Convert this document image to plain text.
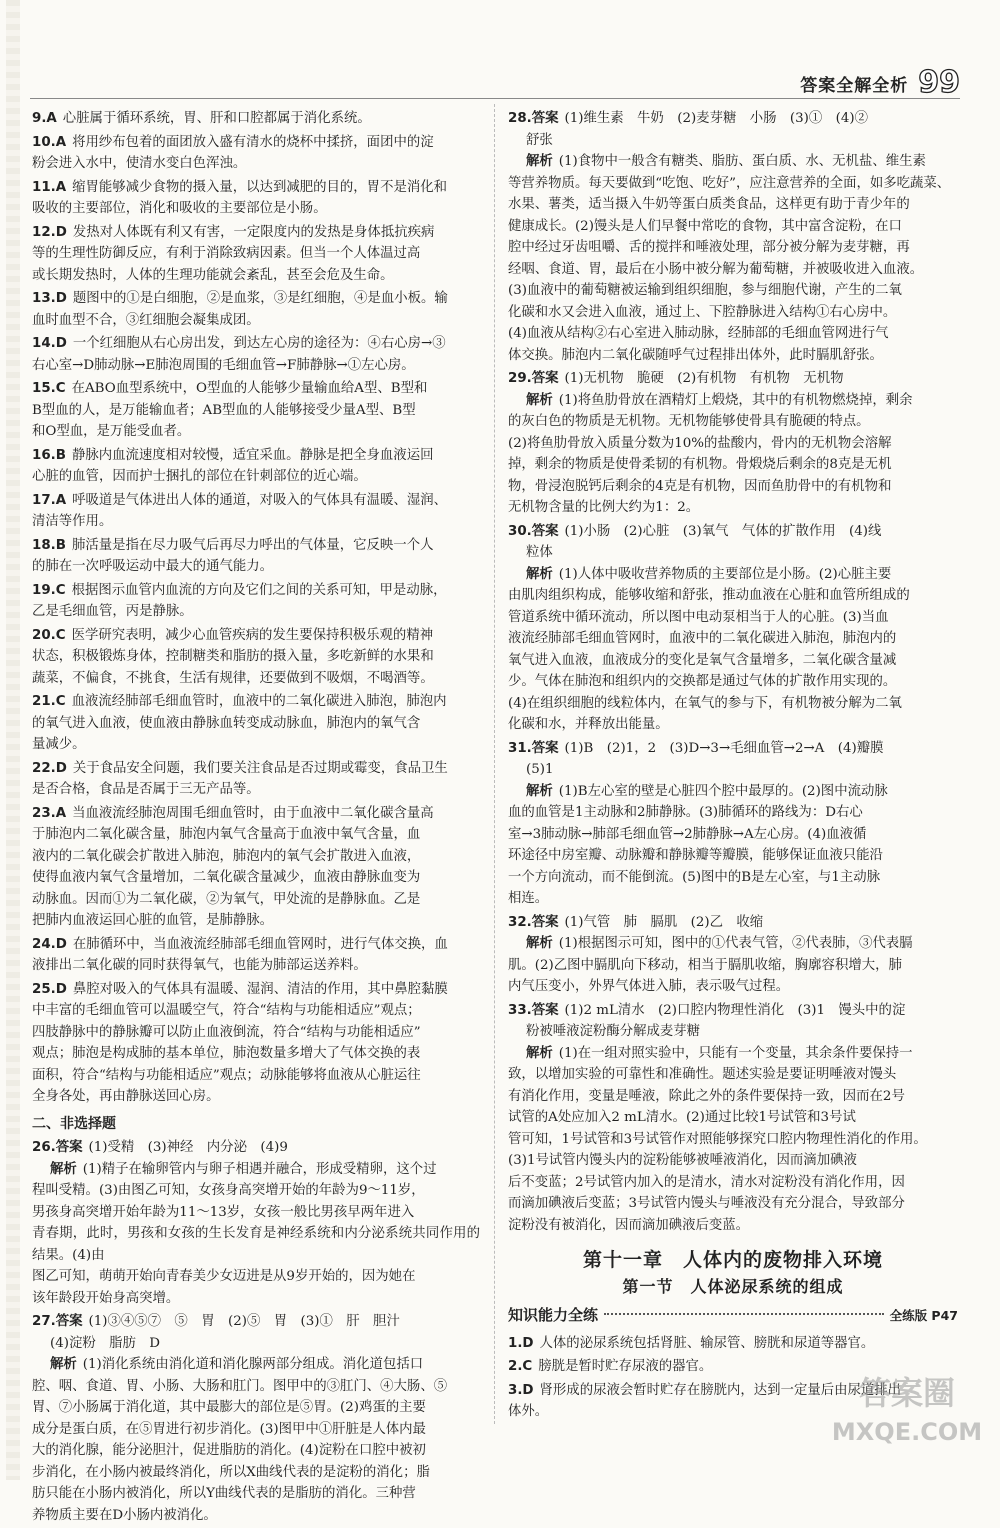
答案全解全析 99
9.A 心脏属于循环系统，胃、肝和口腔都属于消化系统。
10.A 将用纱布包着的面团放入盛有清水的烧杯中揉挤，面团中的淀
粉会进入水中，使清水变白色浑浊。
11.A 缩胃能够减少食物的摄入量，以达到减肥的目的，胃不是消化和
吸收的主要部位，消化和吸收的主要部位是小肠。
12.D 发热对人体既有利又有害，一定限度内的发热是身体抵抗疾病
等的生理性防御反应，有利于消除致病因素。但当一个人体温过高
或长期发热时，人体的生理功能就会紊乱，甚至会危及生命。
13.D 题图中的①是白细胞，②是血浆，③是红细胞，④是血小板。输
血时血型不合，③红细胞会凝集成团。
14.D 一个红细胞从右心房出发，到达左心房的途径为：④右心房→③
右心室→D肺动脉→E肺泡周围的毛细血管→F肺静脉→①左心房。
15.C 在ABO血型系统中，O型血的人能够少量输血给A型、B型和
B型血的人，是万能输血者；AB型血的人能够接受少量A型、B型
和O型血，是万能受血者。
16.B 静脉内血流速度相对较慢，适宜采血。静脉是把全身血液运回
心脏的血管，因而护士捆扎的部位在针刺部位的近心端。
17.A 呼吸道是气体进出人体的通道，对吸入的气体具有温暖、湿润、
清洁等作用。
18.B 肺活量是指在尽力吸气后再尽力呼出的气体量，它反映一个人
的肺在一次呼吸运动中最大的通气能力。
19.C 根据图示血管内血流的方向及它们之间的关系可知，甲是动脉，
乙是毛细血管，丙是静脉。
20.C 医学研究表明，减少心血管疾病的发生要保持积极乐观的精神
状态，积极锻炼身体，控制糖类和脂肪的摄入量，多吃新鲜的水果和
蔬菜，不偏食，不挑食，生活有规律，还要做到不吸烟，不喝酒等。
21.C 血液流经肺部毛细血管时，血液中的二氧化碳进入肺泡，肺泡内
的氧气进入血液，使血液由静脉血转变成动脉血，肺泡内的氧气含
量减少。
22.D 关于食品安全问题，我们要关注食品是否过期或霉变，食品卫生
是否合格，食品是否属于三无产品等。
23.A 当血液流经肺泡周围毛细血管时，由于血液中二氧化碳含量高
于肺泡内二氧化碳含量，肺泡内氧气含量高于血液中氧气含量，血
液内的二氧化碳会扩散进入肺泡，肺泡内的氧气会扩散进入血液，
使得血液内氧气含量增加，二氧化碳含量减少，血液由静脉血变为
动脉血。因而①为二氧化碳，②为氧气，甲处流的是静脉血。乙是
把肺内血液运回心脏的血管，是肺静脉。
24.D 在肺循环中，当血液流经肺部毛细血管网时，进行气体交换，血
液排出二氧化碳的同时获得氧气，也能为肺部运送养料。
25.D 鼻腔对吸入的气体具有温暖、湿润、清洁的作用，其中鼻腔黏膜
中丰富的毛细血管可以温暖空气，符合“结构与功能相适应”观点；
四肢静脉中的静脉瓣可以防止血液倒流，符合“结构与功能相适应”
观点；肺泡是构成肺的基本单位，肺泡数量多增大了气体交换的表
面积，符合“结构与功能相适应”观点；动脉能够将血液从心脏运往
全身各处，再由静脉送回心房。
二、非选择题
26.答案 (1)受精　(3)神经　内分泌　(4)9
解析 (1)精子在输卵管内与卵子相遇并融合，形成受精卵，这个过
程叫受精。(3)由图乙可知，女孩身高突增开始的年龄为9～11岁，
男孩身高突增开始年龄为11～13岁，女孩一般比男孩早两年进入
青春期，此时，男孩和女孩的生长发育是神经系统和内分泌系统共同作用的结果。(4)由
图乙可知，萌萌开始向青春美少女迈进是从9岁开始的，因为她在
该年龄段开始身高突增。
27.答案 (1)③④⑤⑦　⑤　胃　(2)⑤　胃　(3)①　肝　胆汁
(4)淀粉　脂肪　D
解析 (1)消化系统由消化道和消化腺两部分组成。消化道包括口
腔、咽、食道、胃、小肠、大肠和肛门。图甲中的③肛门、④大肠、⑤
胃、⑦小肠属于消化道，其中最膨大的部位是⑤胃。(2)鸡蛋的主要
成分是蛋白质，在⑤胃进行初步消化。(3)图甲中①肝脏是人体内最
大的消化腺，能分泌胆汁，促进脂肪的消化。(4)淀粉在口腔中被初
步消化，在小肠内被最终消化，所以X曲线代表的是淀粉的消化；脂
肪只能在小肠内被消化，所以Y曲线代表的是脂肪的消化。三种营
养物质主要在D小肠内被消化。
28.答案 (1)维生素　牛奶　(2)麦芽糖　小肠　(3)①　(4)②
舒张
解析 (1)食物中一般含有糖类、脂肪、蛋白质、水、无机盐、维生素
等营养物质。每天要做到“吃饱、吃好”，应注意营养的全面，如多吃蔬菜、
水果、薯类，适当摄入牛奶等蛋白质类食品，这样更有助于青少年的
健康成长。(2)馒头是人们早餐中常吃的食物，其中富含淀粉，在口
腔中经过牙齿咀嚼、舌的搅拌和唾液处理，部分被分解为麦芽糖，再
经咽、食道、胃，最后在小肠中被分解为葡萄糖，并被吸收进入血液。
(3)血液中的葡萄糖被运输到组织细胞，参与细胞代谢，产生的二氧
化碳和水又会进入血液，通过上、下腔静脉进入结构①右心房中。
(4)血液从结构②右心室进入肺动脉，经肺部的毛细血管网进行气
体交换。肺泡内二氧化碳随呼气过程排出体外，此时膈肌舒张。
29.答案 (1)无机物　脆硬　(2)有机物　有机物　无机物
解析 (1)将鱼肋骨放在酒精灯上煅烧，其中的有机物燃烧掉，剩余
的灰白色的物质是无机物。无机物能够使骨具有脆硬的特点。
(2)将鱼肋骨放入质量分数为10%的盐酸内，骨内的无机物会溶解
掉，剩余的物质是使骨柔韧的有机物。骨煅烧后剩余的8克是无机
物，骨浸泡脱钙后剩余的4克是有机物，因而鱼肋骨中的有机物和
无机物含量的比例大约为1：2。
30.答案 (1)小肠　(2)心脏　(3)氧气　气体的扩散作用　(4)线
粒体
解析 (1)人体中吸收营养物质的主要部位是小肠。(2)心脏主要
由肌肉组织构成，能够收缩和舒张，推动血液在心脏和血管所组成的
管道系统中循环流动，所以图中电动泵相当于人的心脏。(3)当血
液流经肺部毛细血管网时，血液中的二氧化碳进入肺泡，肺泡内的
氧气进入血液，血液成分的变化是氧气含量增多，二氧化碳含量减
少。气体在肺泡和组织内的交换都是通过气体的扩散作用实现的。
(4)在组织细胞的线粒体内，在氧气的参与下，有机物被分解为二氧
化碳和水，并释放出能量。
31.答案 (1)B　(2)1，2　(3)D→3→毛细血管→2→A　(4)瓣膜
(5)1
解析 (1)B左心室的壁是心脏四个腔中最厚的。(2)图中流动脉
血的血管是1主动脉和2肺静脉。(3)肺循环的路线为：D右心
室→3肺动脉→肺部毛细血管→2肺静脉→A左心房。(4)血液循
环途径中房室瓣、动脉瓣和静脉瓣等瓣膜，能够保证血液只能沿
一个方向流动，而不能倒流。(5)图中的B是左心室，与1主动脉
相连。
32.答案 (1)气管　肺　膈肌　(2)乙　收缩
解析 (1)根据图示可知，图中的①代表气管，②代表肺，③代表膈
肌。(2)乙图中膈肌向下移动，相当于膈肌收缩，胸廓容积增大，肺
内气压变小，外界气体进入肺，表示吸气过程。
33.答案 (1)2 mL清水　(2)口腔内物理性消化　(3)1　馒头中的淀
粉被唾液淀粉酶分解成麦芽糖
解析 (1)在一组对照实验中，只能有一个变量，其余条件要保持一
致，以增加实验的可靠性和准确性。题述实验是要证明唾液对馒头
有消化作用，变量是唾液，除此之外的条件要保持一致，因而在2号
试管的A处应加入2 mL清水。(2)通过比较1号试管和3号试
管可知，1号试管和3号试管作对照能够探究口腔内物理性消化的作用。
(3)1号试管内馒头内的淀粉能够被唾液消化，因而滴加碘液
后不变蓝；2号试管内加入的是清水，清水对淀粉没有消化作用，因
而滴加碘液后变蓝；3号试管内馒头与唾液没有充分混合，导致部分
淀粉没有被消化，因而滴加碘液后变蓝。
第十一章　人体内的废物排入环境
第一节　人体泌尿系统的组成
知识能力全练	全练版 P47
1.D 人体的泌尿系统包括肾脏、输尿管、膀胱和尿道等器官。
2.C 膀胱是暂时贮存尿液的器官。
3.D 肾形成的尿液会暂时贮存在膀胱内，达到一定量后由尿道排出
体外。	答案圈
MXQE.COM
